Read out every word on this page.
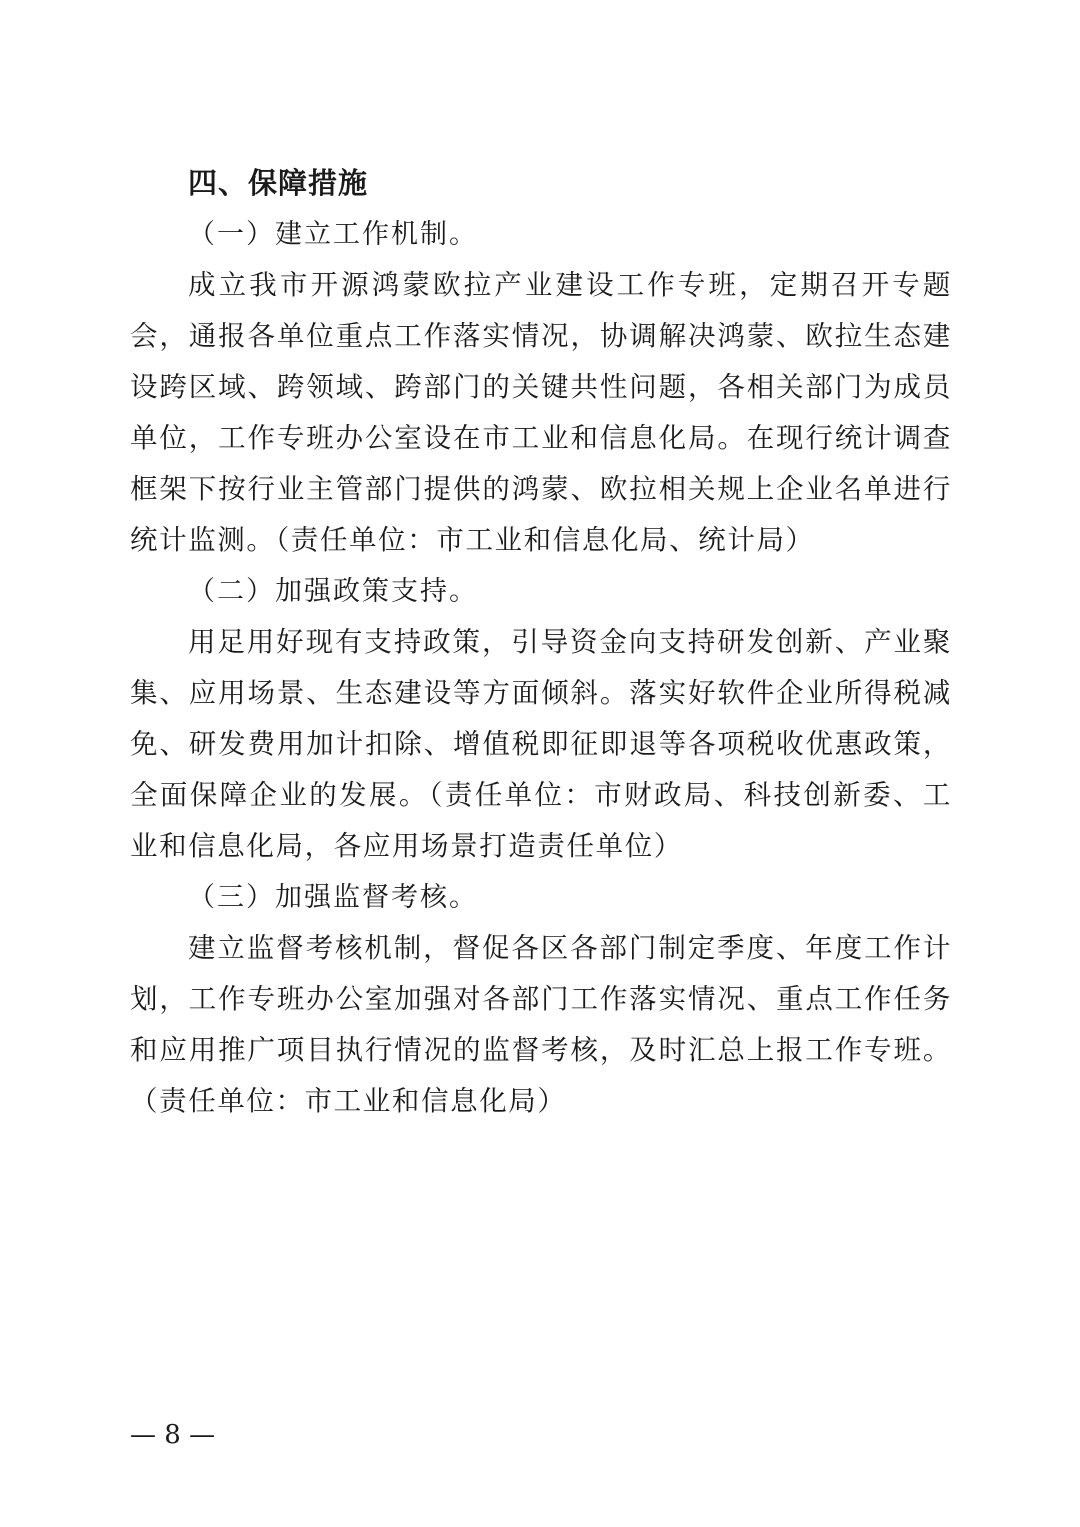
四、保障措施

（一）建立工作机制。

成立我市开源鸿蒙欧拉产业建设工作专班，定期召开专题会，通报各单位重点工作落实情况，协调解决鸿蒙、欧拉生态建设跨区域、跨领域、跨部门的关键共性问题，各相关部门为成员单位，工作专班办公室设在市工业和信息化局。在现行统计调查框架下按行业主管部门提供的鸿蒙、欧拉相关规上企业名单进行统计监测。（责任单位：市工业和信息化局、统计局）

（二）加强政策支持。

用足用好现有支持政策，引导资金向支持研发创新、产业聚集、应用场景、生态建设等方面倾斜。落实好软件企业所得税减免、研发费用加计扣除、增值税即征即退等各项税收优惠政策，全面保障企业的发展。（责任单位：市财政局、科技创新委、工业和信息化局，各应用场景打造责任单位）

（三）加强监督考核。

建立监督考核机制，督促各区各部门制定季度、年度工作计划，工作专班办公室加强对各部门工作落实情况、重点工作任务和应用推广项目执行情况的监督考核，及时汇总上报工作专班。（责任单位：市工业和信息化局）

— 8 —
